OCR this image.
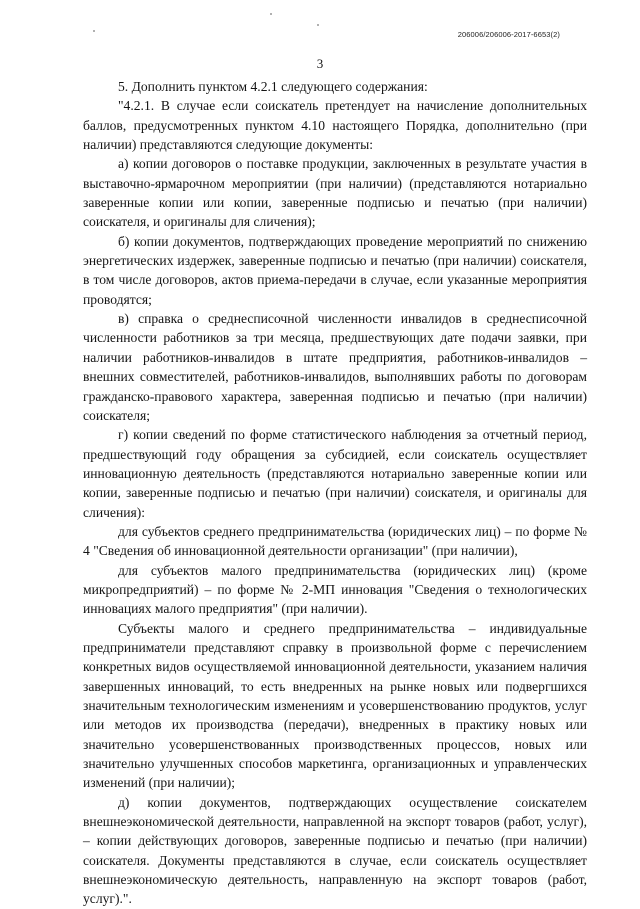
206006/206006-2017-6653(2)
3

5. Дополнить пунктом 4.2.1 следующего содержания:

"4.2.1. В случае если соискатель претендует на начисление дополнительных баллов, предусмотренных пунктом 4.10 настоящего Порядка, дополнительно (при наличии) представляются следующие документы:

а) копии договоров о поставке продукции, заключенных в результате участия в выставочно-ярмарочном мероприятии (при наличии) (представляются нотариально заверенные копии или копии, заверенные подписью и печатью (при наличии) соискателя, и оригиналы для сличения);

б) копии документов, подтверждающих проведение мероприятий по снижению энергетических издержек, заверенные подписью и печатью (при наличии) соискателя, в том числе договоров, актов приема-передачи в случае, если указанные мероприятия проводятся;

в) справка о среднесписочной численности инвалидов в среднесписочной численности работников за три месяца, предшествующих дате подачи заявки, при наличии работников-инвалидов в штате предприятия, работников-инвалидов – внешних совместителей, работников-инвалидов, выполнявших работы по договорам гражданско-правового характера, заверенная подписью и печатью (при наличии) соискателя;

г) копии сведений по форме статистического наблюдения за отчетный период, предшествующий году обращения за субсидией, если соискатель осуществляет инновационную деятельность (представляются нотариально заверенные копии или копии, заверенные подписью и печатью (при наличии) соискателя, и оригиналы для сличения):

для субъектов среднего предпринимательства (юридических лиц) – по форме № 4 "Сведения об инновационной деятельности организации" (при наличии),

для субъектов малого предпринимательства (юридических лиц) (кроме микропредприятий) – по форме № 2-МП инновация "Сведения о технологических инновациях малого предприятия" (при наличии).

Субъекты малого и среднего предпринимательства – индивидуальные предприниматели представляют справку в произвольной форме с перечислением конкретных видов осуществляемой инновационной деятельности, указанием наличия завершенных инноваций, то есть внедренных на рынке новых или подвергшихся значительным технологическим изменениям и усовершенствованию продуктов, услуг или методов их производства (передачи), внедренных в практику новых или значительно усовершенствованных производственных процессов, новых или значительно улучшенных способов маркетинга, организационных и управленческих изменений (при наличии);

д) копии документов, подтверждающих осуществление соискателем внешнеэкономической деятельности, направленной на экспорт товаров (работ, услуг), – копии действующих договоров, заверенные подписью и печатью (при наличии) соискателя. Документы представляются в случае, если соискатель осуществляет внешнеэкономическую деятельность, направленную на экспорт товаров (работ, услуг).".
